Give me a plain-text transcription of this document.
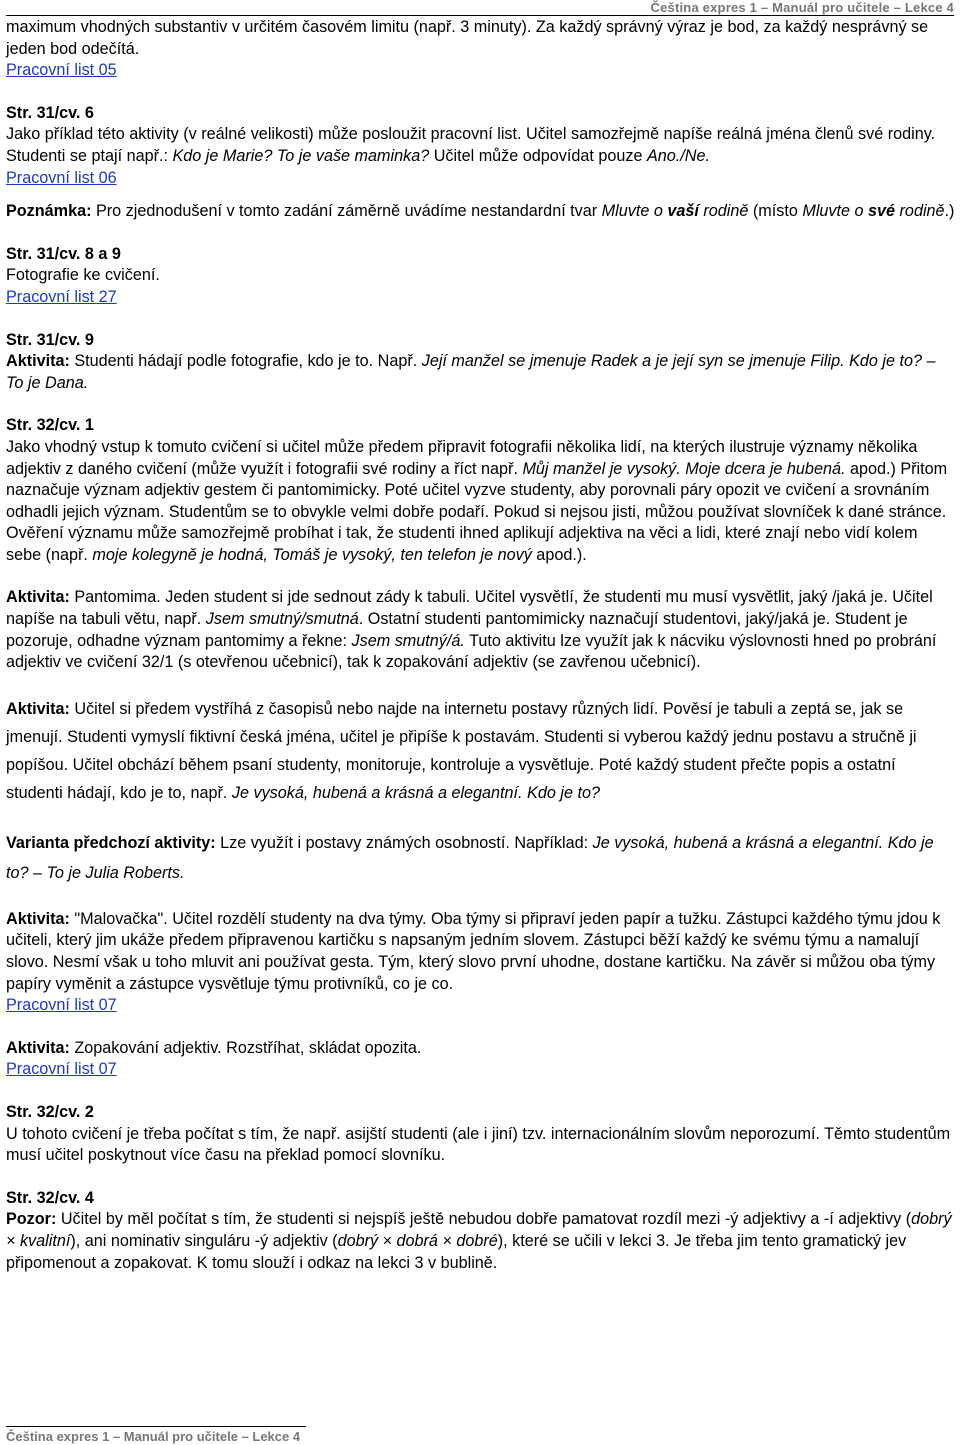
Čeština expres 1 – Manuál pro učitele – Lekce 4

maximum vhodných substantiv v určitém časovém limitu (např. 3 minuty). Za každý správný výraz je bod, za každý nesprávný se jeden bod odečítá.

Pracovní list 05

Str. 31/cv. 6

Jako příklad této aktivity (v reálné velikosti) může posloužit pracovní list. Učitel samozřejmě napíše reálná jména členů své rodiny. Studenti se ptají např.: Kdo je Marie? To je vaše maminka? Učitel může odpovídat pouze Ano./Ne.

Pracovní list 06

Poznámka: Pro zjednodušení v tomto zadání záměrně uvádíme nestandardní tvar Mluvte o vaší rodině (místo Mluvte o své rodině.)

Str. 31/cv. 8 a 9

Fotografie ke cvičení.

Pracovní list 27

Str. 31/cv. 9

Aktivita: Studenti hádají podle fotografie, kdo je to. Např. Její manžel se jmenuje Radek a je její syn se jmenuje Filip. Kdo je to? – To je Dana.

Str. 32/cv. 1

Jako vhodný vstup k tomuto cvičení si učitel může předem připravit fotografii několika lidí, na kterých ilustruje významy několika adjektiv z daného cvičení (může využít i fotografii své rodiny a říct např. Můj manžel je vysoký. Moje dcera je hubená. apod.) Přitom naznačuje význam adjektiv gestem či pantomimicky. Poté učitel vyzve studenty, aby porovnali páry opozit ve cvičení a srovnáním odhadli jejich význam. Studentům se to obvykle velmi dobře podaří. Pokud si nejsou jisti, můžou používat slovníček k dané stránce. Ověření významu může samozřejmě probíhat i tak, že studenti ihned aplikují adjektiva na věci a lidi, které znají nebo vidí kolem sebe (např. moje kolegyně je hodná, Tomáš je vysoký, ten telefon je nový apod.).

Aktivita: Pantomima. Jeden student si jde sednout zády k tabuli. Učitel vysvětlí, že studenti mu musí vysvětlit, jaký /jaká je. Učitel napíše na tabuli větu, např. Jsem smutný/smutná. Ostatní studenti pantomimicky naznačují studentovi, jaký/jaká je. Student je pozoruje, odhadne význam pantomimy a řekne: Jsem smutný/á. Tuto aktivitu lze využít jak k nácviku výslovnosti hned po probrání adjektiv ve cvičení 32/1 (s otevřenou učebnicí), tak k zopakování adjektiv (se zavřenou učebnicí).

Aktivita: Učitel si předem vystříhá z časopisů nebo najde na internetu postavy různých lidí. Pověsí je tabuli a zeptá se, jak se jmenují. Studenti vymyslí fiktivní česká jména, učitel je připíše k postavám. Studenti si vyberou každý jednu postavu a stručně ji popíšou. Učitel obchází během psaní studenty, monitoruje, kontroluje a vysvětluje. Poté každý student přečte popis a ostatní studenti hádají, kdo je to, např. Je vysoká, hubená a krásná a elegantní. Kdo je to?

Varianta předchozí aktivity: Lze využít i postavy známých osobností. Například: Je vysoká, hubená a krásná a elegantní. Kdo je to? – To je Julia Roberts.

Aktivita: "Malovačka". Učitel rozdělí studenty na dva týmy. Oba týmy si připraví jeden papír a tužku. Zástupci každého týmu jdou k učiteli, který jim ukáže předem připravenou kartičku s napsaným jedním slovem. Zástupci běží každý ke svému týmu a namalují slovo. Nesmí však u toho mluvit ani používat gesta. Tým, který slovo první uhodne, dostane kartičku. Na závěr si můžou oba týmy papíry vyměnit a zástupce vysvětluje týmu protivníků, co je co.

Pracovní list 07

Aktivita: Zopakování adjektiv. Rozstříhat, skládat opozita.

Pracovní list 07

Str. 32/cv. 2

U tohoto cvičení je třeba počítat s tím, že např. asijští studenti (ale i jiní) tzv. internacionálním slovům neporozumí. Těmto studentům musí učitel poskytnout více času na překlad pomocí slovníku.

Str. 32/cv. 4

Pozor: Učitel by měl počítat s tím, že studenti si nejspíš ještě nebudou dobře pamatovat rozdíl mezi -ý adjektivy a -í adjektivy (dobrý × kvalitní), ani nominativ singuláru -ý adjektiv (dobrý × dobrá × dobré), které se učili v lekci 3. Je třeba jim tento gramatický jev připomenout a zopakovat. K tomu slouží i odkaz na lekci 3 v bublině.

Čeština expres 1 – Manuál pro učitele – Lekce 4
